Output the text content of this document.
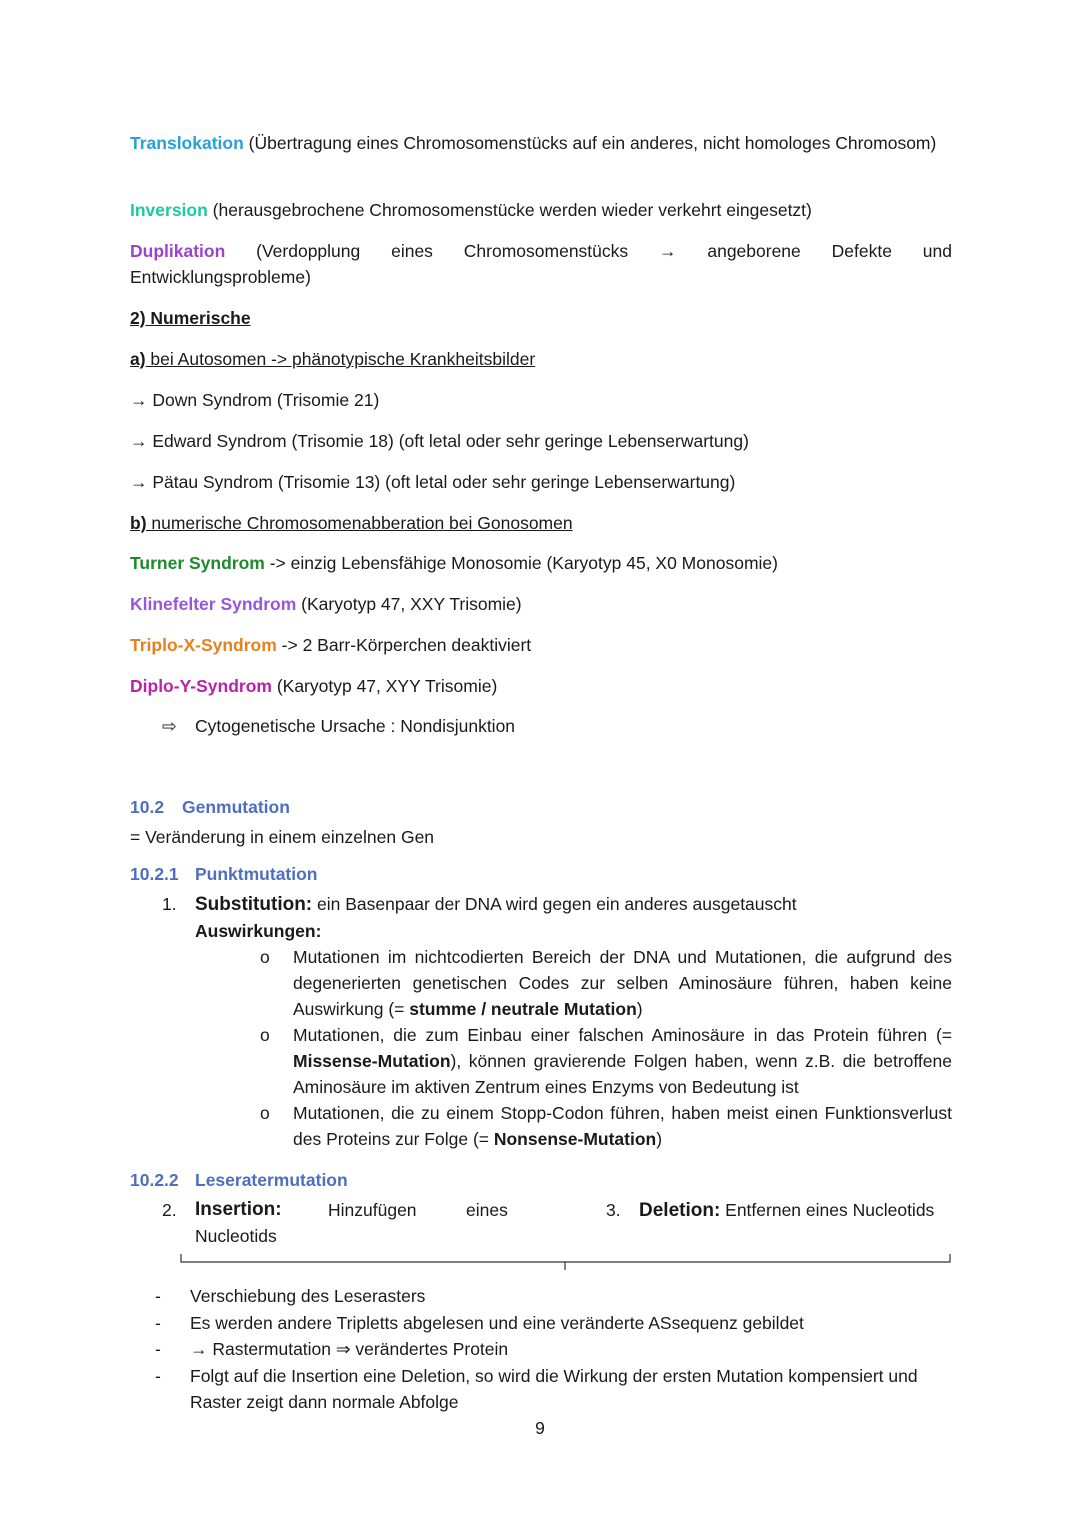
Translokation (Übertragung eines Chromosomenstücks auf ein anderes, nicht homologes Chromosom)
Inversion (herausgebrochene Chromosomenstücke werden wieder verkehrt eingesetzt)
Duplikation (Verdopplung eines Chromosomenstücks → angeborene Defekte und Entwicklungsprobleme)
2) Numerische
a) bei Autosomen -> phänotypische Krankheitsbilder
→ Down Syndrom (Trisomie 21)
→ Edward Syndrom (Trisomie 18) (oft letal oder sehr geringe Lebenserwartung)
→ Pätau Syndrom (Trisomie 13) (oft letal oder sehr geringe Lebenserwartung)
b) numerische Chromosomenabberation bei Gonosomen
Turner Syndrom -> einzig Lebensfähige Monosomie (Karyotyp 45, X0 Monosomie)
Klinefelter Syndrom (Karyotyp 47, XXY Trisomie)
Triplo-X-Syndrom -> 2 Barr-Körperchen deaktiviert
Diplo-Y-Syndrom (Karyotyp 47, XYY Trisomie)
⇨ Cytogenetische Ursache : Nondisjunktion
10.2 Genmutation
= Veränderung in einem einzelnen Gen
10.2.1 Punktmutation
1. Substitution: ein Basenpaar der DNA wird gegen ein anderes ausgetauscht
Auswirkungen:
o Mutationen im nichtcodierten Bereich der DNA und Mutationen, die aufgrund des degenerierten genetischen Codes zur selben Aminosäure führen, haben keine Auswirkung (= stumme / neutrale Mutation)
o Mutationen, die zum Einbau einer falschen Aminosäure in das Protein führen (= Missense-Mutation), können gravierende Folgen haben, wenn z.B. die betroffene Aminosäure im aktiven Zentrum eines Enzyms von Bedeutung ist
o Mutationen, die zu einem Stopp-Codon führen, haben meist einen Funktionsverlust des Proteins zur Folge (= Nonsense-Mutation)
10.2.2 Leseratermutation
2. Insertion:	Hinzufügen	eines
Nucleotids
3. Deletion: Entfernen eines Nucleotids
- Verschiebung des Leserasters
- Es werden andere Tripletts abgelesen und eine veränderte ASsequenz gebildet
- → Rastermutation ⇒ verändertes Protein
- Folgt auf die Insertion eine Deletion, so wird die Wirkung der ersten Mutation kompensiert und Raster zeigt dann normale Abfolge
9
